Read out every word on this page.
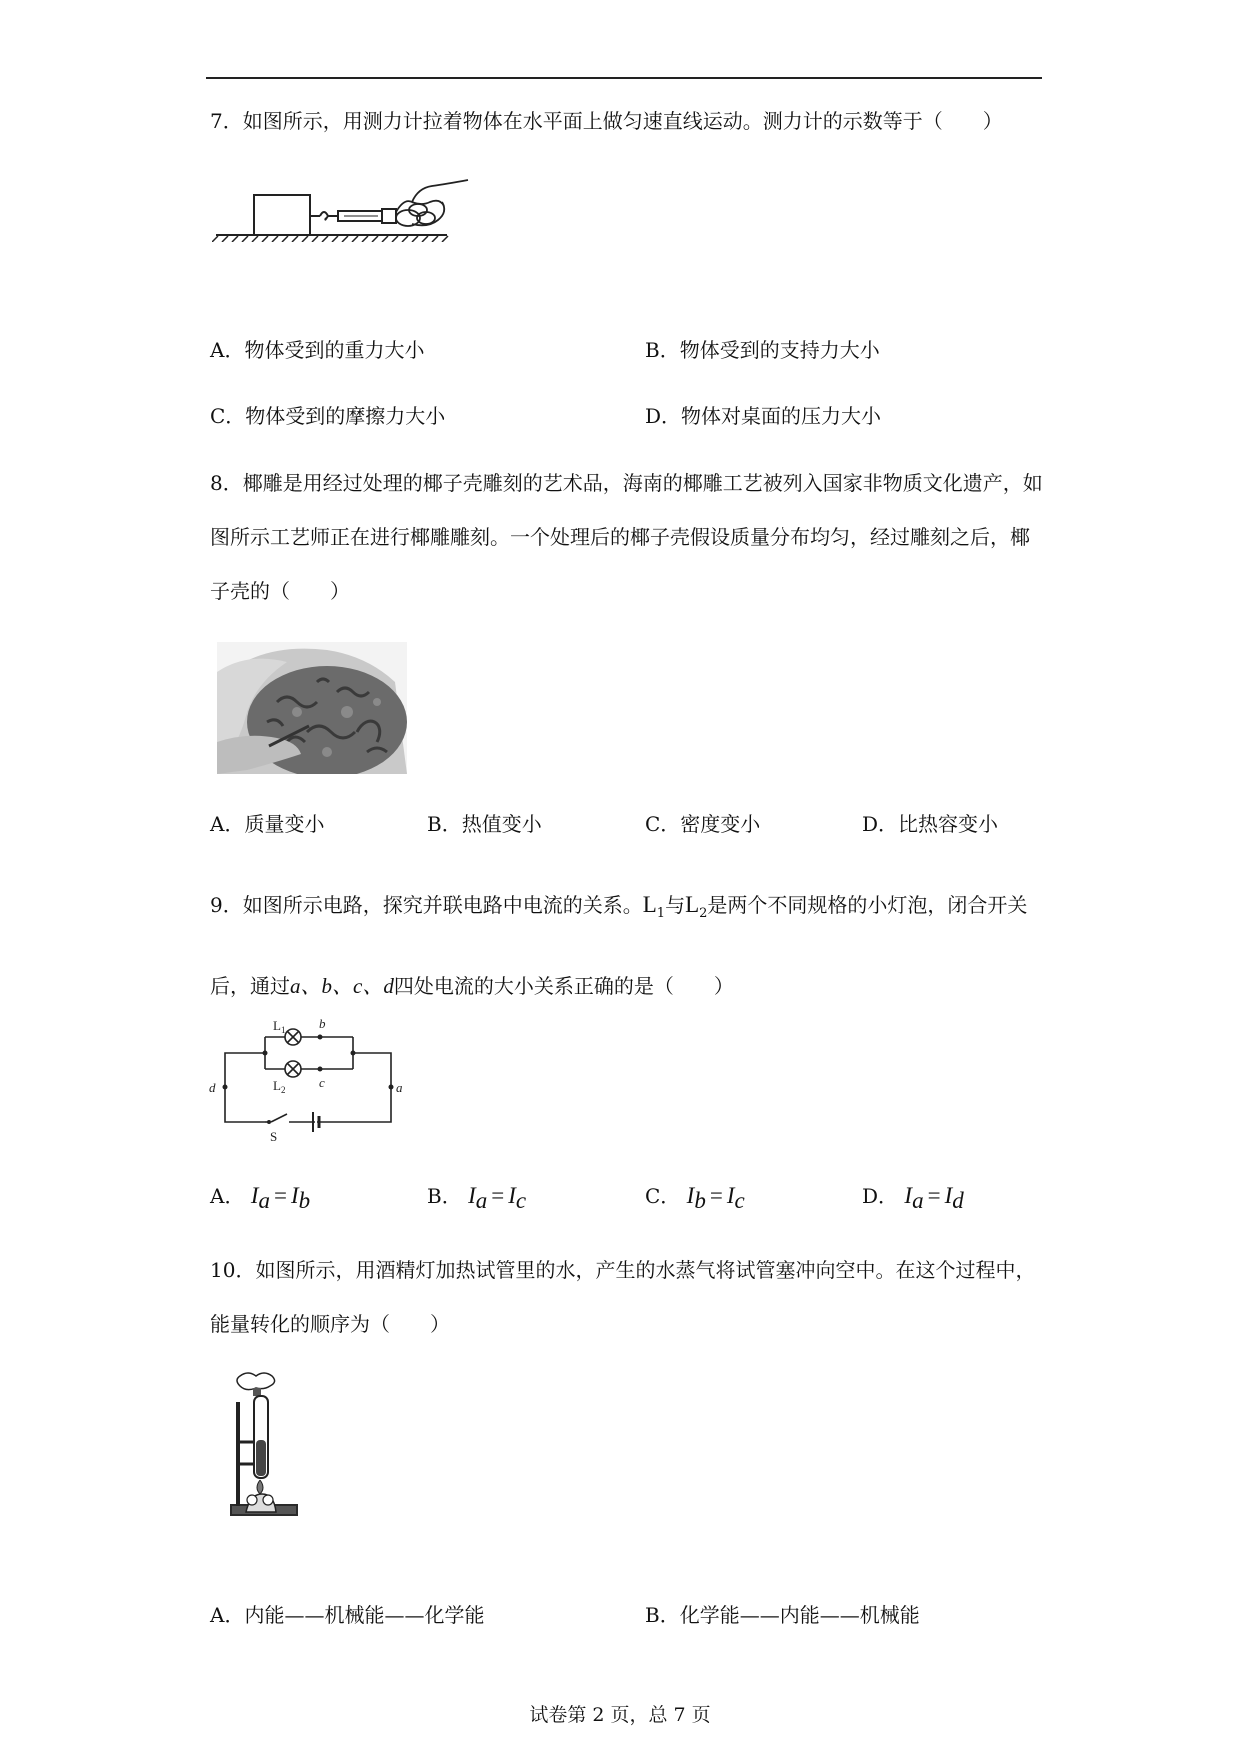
7．如图所示，用测力计拉着物体在水平面上做匀速直线运动。测力计的示数等于（　　）
A．物体受到的重力大小	B．物体受到的支持力大小
C．物体受到的摩擦力大小	D．物体对桌面的压力大小
8．椰雕是用经过处理的椰子壳雕刻的艺术品，海南的椰雕工艺被列入国家非物质文化遗产，如图所示工艺师正在进行椰雕雕刻。一个处理后的椰子壳假设质量分布均匀，经过雕刻之后，椰子壳的（　　）
A．质量变小	B．热值变小	C．密度变小	D．比热容变小
9．如图所示电路，探究并联电路中电流的关系。$L_1$与$L_2$是两个不同规格的小灯泡，闭合开关后，通过a、b、c、d四处电流的大小关系正确的是（　　）
L 1
L 2
b
c
d	a
S
A． $I_a = I_b$	B． $I_a = I_c$	C． $I_b = I_c$	D． $I_a = I_d$
10．如图所示，用酒精灯加热试管里的水，产生的水蒸气将试管塞冲向空中。在这个过程中，能量转化的顺序为（　　）
A．内能——机械能——化学能	B．化学能——内能——机械能
试卷第 2 页，总 7 页
